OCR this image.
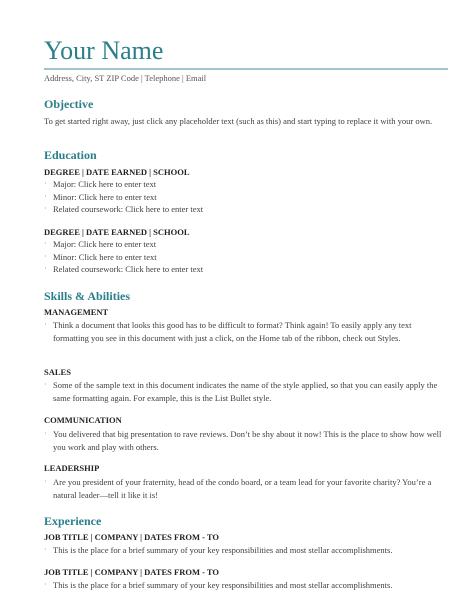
Your Name
Address, City, ST ZIP Code | Telephone | Email
Objective
To get started right away, just click any placeholder text (such as this) and start typing to replace it with your own.
Education
DEGREE | DATE EARNED | SCHOOL
· Major: Click here to enter text
· Minor: Click here to enter text
· Related coursework: Click here to enter text
DEGREE | DATE EARNED | SCHOOL
· Major: Click here to enter text
· Minor: Click here to enter text
· Related coursework: Click here to enter text
Skills & Abilities
MANAGEMENT
· Think a document that looks this good has to be difficult to format? Think again! To easily apply any text formatting you see in this document with just a click, on the Home tab of the ribbon, check out Styles.
SALES
· Some of the sample text in this document indicates the name of the style applied, so that you can easily apply the same formatting again. For example, this is the List Bullet style.
COMMUNICATION
· You delivered that big presentation to rave reviews. Don’t be shy about it now! This is the place to show how well you work and play with others.
LEADERSHIP
· Are you president of your fraternity, head of the condo board, or a team lead for your favorite charity? You’re a natural leader—tell it like it is!
Experience
JOB TITLE | COMPANY | DATES FROM - TO
· This is the place for a brief summary of your key responsibilities and most stellar accomplishments.
JOB TITLE | COMPANY | DATES FROM - TO
· This is the place for a brief summary of your key responsibilities and most stellar accomplishments.
